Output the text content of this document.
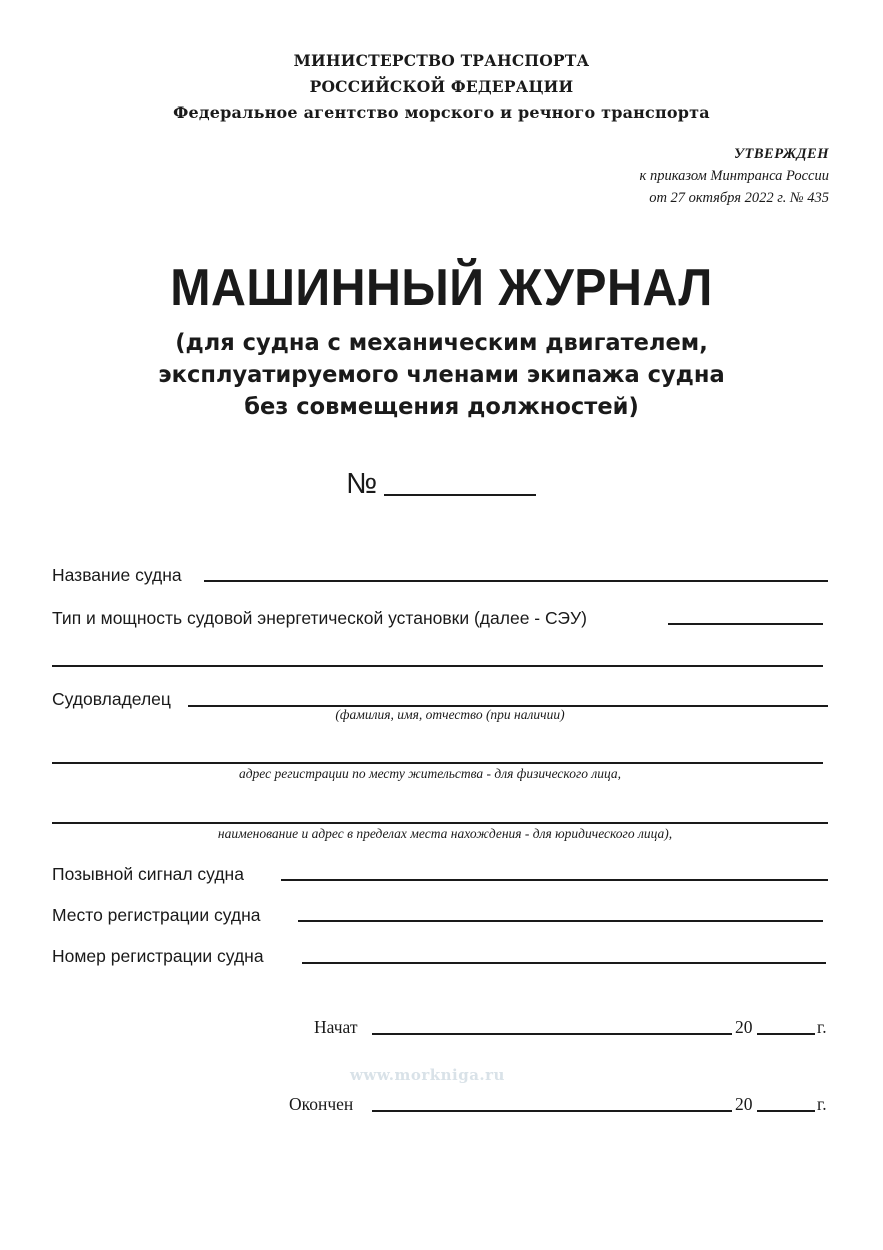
МИНИСТЕРСТВО ТРАНСПОРТА
РОССИЙСКОЙ ФЕДЕРАЦИИ
Федеральное агентство морского и речного транспорта
УТВЕРЖДЕН
к приказом Минтранса России
от 27 октября 2022 г. № 435
МАШИННЫЙ ЖУРНАЛ
(для судна с механическим двигателем,
эксплуатируемого членами экипажа судна
без совмещения должностей)
№
Название судна
Тип и мощность судовой энергетической установки (далее - СЭУ)
Судовладелец
(фамилия, имя, отчество (при наличии)
адрес регистрации по месту жительства - для физического лица,
наименование и адрес в пределах места нахождения - для юридического лица),
Позывной сигнал судна
Место регистрации судна
Номер регистрации судна
Начат	20	г.
www.morkniga.ru
Окончен	20	г.
